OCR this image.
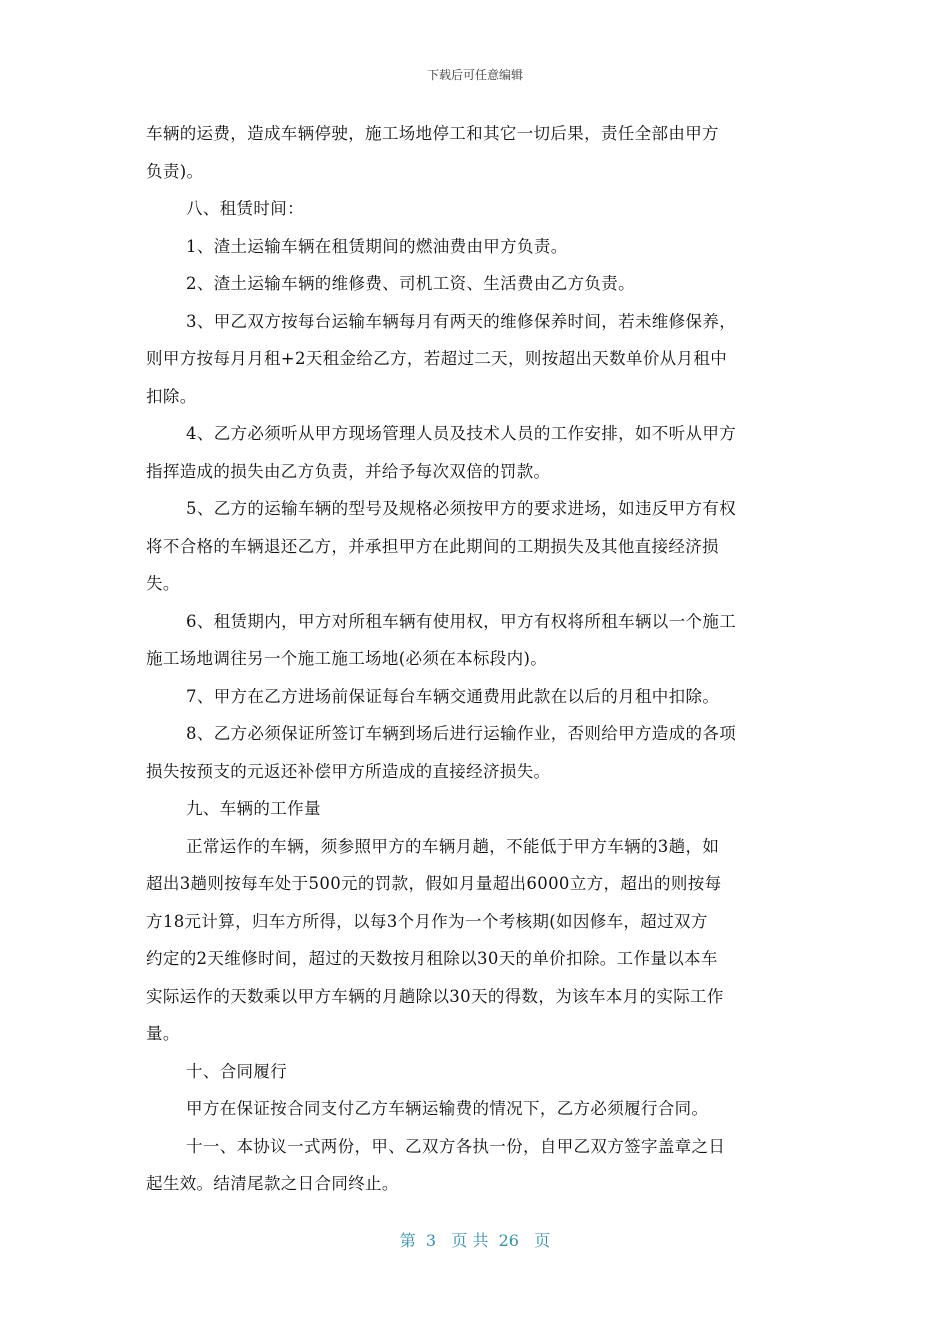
下载后可任意编辑
车辆的运费，造成车辆停驶，施工场地停工和其它一切后果，责任全部由甲方
负责)。
八、租赁时间：
1、渣土运输车辆在租赁期间的燃油费由甲方负责。
2、渣土运输车辆的维修费、司机工资、生活费由乙方负责。
3、甲乙双方按每台运输车辆每月有两天的维修保养时间，若未维修保养，
则甲方按每月月租+2天租金给乙方，若超过二天，则按超出天数单价从月租中
扣除。
4、乙方必须听从甲方现场管理人员及技术人员的工作安排，如不听从甲方
指挥造成的损失由乙方负责，并给予每次双倍的罚款。
5、乙方的运输车辆的型号及规格必须按甲方的要求进场，如违反甲方有权
将不合格的车辆退还乙方，并承担甲方在此期间的工期损失及其他直接经济损
失。
6、租赁期内，甲方对所租车辆有使用权，甲方有权将所租车辆以一个施工
施工场地调往另一个施工施工场地(必须在本标段内)。
7、甲方在乙方进场前保证每台车辆交通费用此款在以后的月租中扣除。
8、乙方必须保证所签订车辆到场后进行运输作业，否则给甲方造成的各项
损失按预支的元返还补偿甲方所造成的直接经济损失。
九、车辆的工作量
正常运作的车辆，须参照甲方的车辆月趟，不能低于甲方车辆的3趟，如
超出3趟则按每车处于500元的罚款，假如月量超出6000立方，超出的则按每
方18元计算，归车方所得，以每3个月作为一个考核期(如因修车，超过双方
约定的2天维修时间，超过的天数按月租除以30天的单价扣除。工作量以本车
实际运作的天数乘以甲方车辆的月趟除以30天的得数，为该车本月的实际工作
量。
十、合同履行
甲方在保证按合同支付乙方车辆运输费的情况下，乙方必须履行合同。
十一、本协议一式两份，甲、乙双方各执一份，自甲乙双方签字盖章之日
起生效。结清尾款之日合同终止。
第  3   页 共  26   页
